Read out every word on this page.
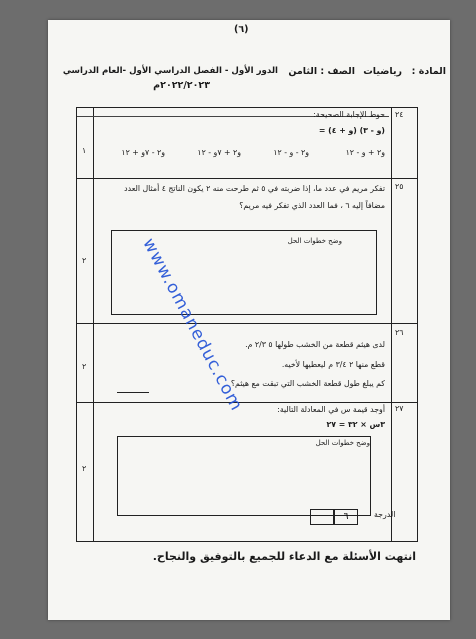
(٦)
المادة :
رياضيات
الصف : الثامن
الدور الأول - الفصل الدراسي الأول -العام الدراسي
٢٠٢٢/٢٠٢٣م
٢٤
حوط الإجابة الصحيحة:
(و - ٣) (و + ٤) =
و٢ + و - ١٢
و٢ - و - ١٢
و٢ + ٧و - ١٢
و٢ - ٧و + ١٢
١
٢٥
تفكر مريم في عدد ما، إذا ضربته في ٥ ثم طرحت منه ٢ يكون الناتج ٤ أمثال العدد
مضافاً إليه ٦ ، فما العدد الذي تفكر فيه مريم؟
وضح خطوات الحل
٢
٢٦
لدى هيثم قطعة من الخشب طولها ٥ ٢/٣ م.
قطع منها ٢ ٣/٤ م ليعطيها لأخيه.
كم يبلغ طول قطعة الخشب التي تبقت مع هيثم؟
٢
٢٧
أوجد قيمة س في المعادلة التالية:
٣س × ٣٢ = ٢٧
وضح خطوات الحل
٢
الدرجة
٦
انتهت الأسئلة مع الدعاء للجميع بالتوفيق والنجاح.
www.omaneduc.com
